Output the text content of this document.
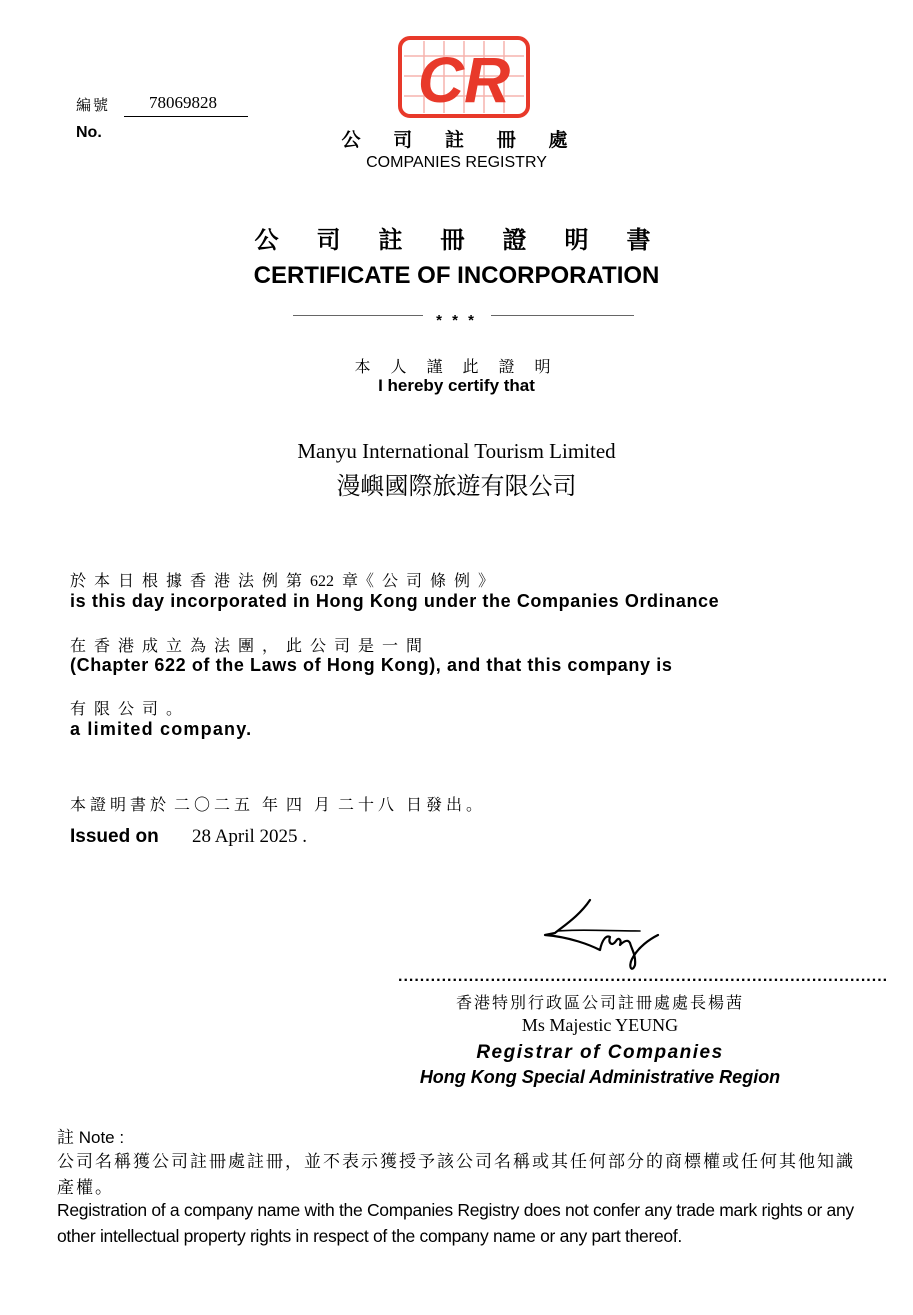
CR
編號
No.
78069828
公 司 註 冊 處
COMPANIES REGISTRY
公 司 註 冊 證 明 書
CERTIFICATE OF INCORPORATION
* * *
本 人 謹 此 證 明
I hereby certify that
Manyu International Tourism Limited
漫嶼國際旅遊有限公司
於  本  日  根  據  香  港  法  例  第  622  章《  公  司  條  例  》
is this day incorporated in Hong Kong under the Companies Ordinance
在  香  港  成  立  為  法  團  ，  此  公  司  是  一  間
(Chapter 622 of the Laws of Hong Kong), and that this company is
有  限  公  司  。
a limited company.
本 證 明 書 於  二 〇 二 五   年  四   月  二 十 八   日 發 出 。
Issued on 28 April 2025 .
..........................................................................................
香港特別行政區公司註冊處處長楊茜
Ms Majestic YEUNG
Registrar of Companies
Hong Kong Special Administrative Region
註 Note :
公司名稱獲公司註冊處註冊，並不表示獲授予該公司名稱或其任何部分的商標權或任何其他知識產權。
Registration of a company name with the Companies Registry does not confer any trade mark rights or any other intellectual property rights in respect of the company name or any part thereof.
